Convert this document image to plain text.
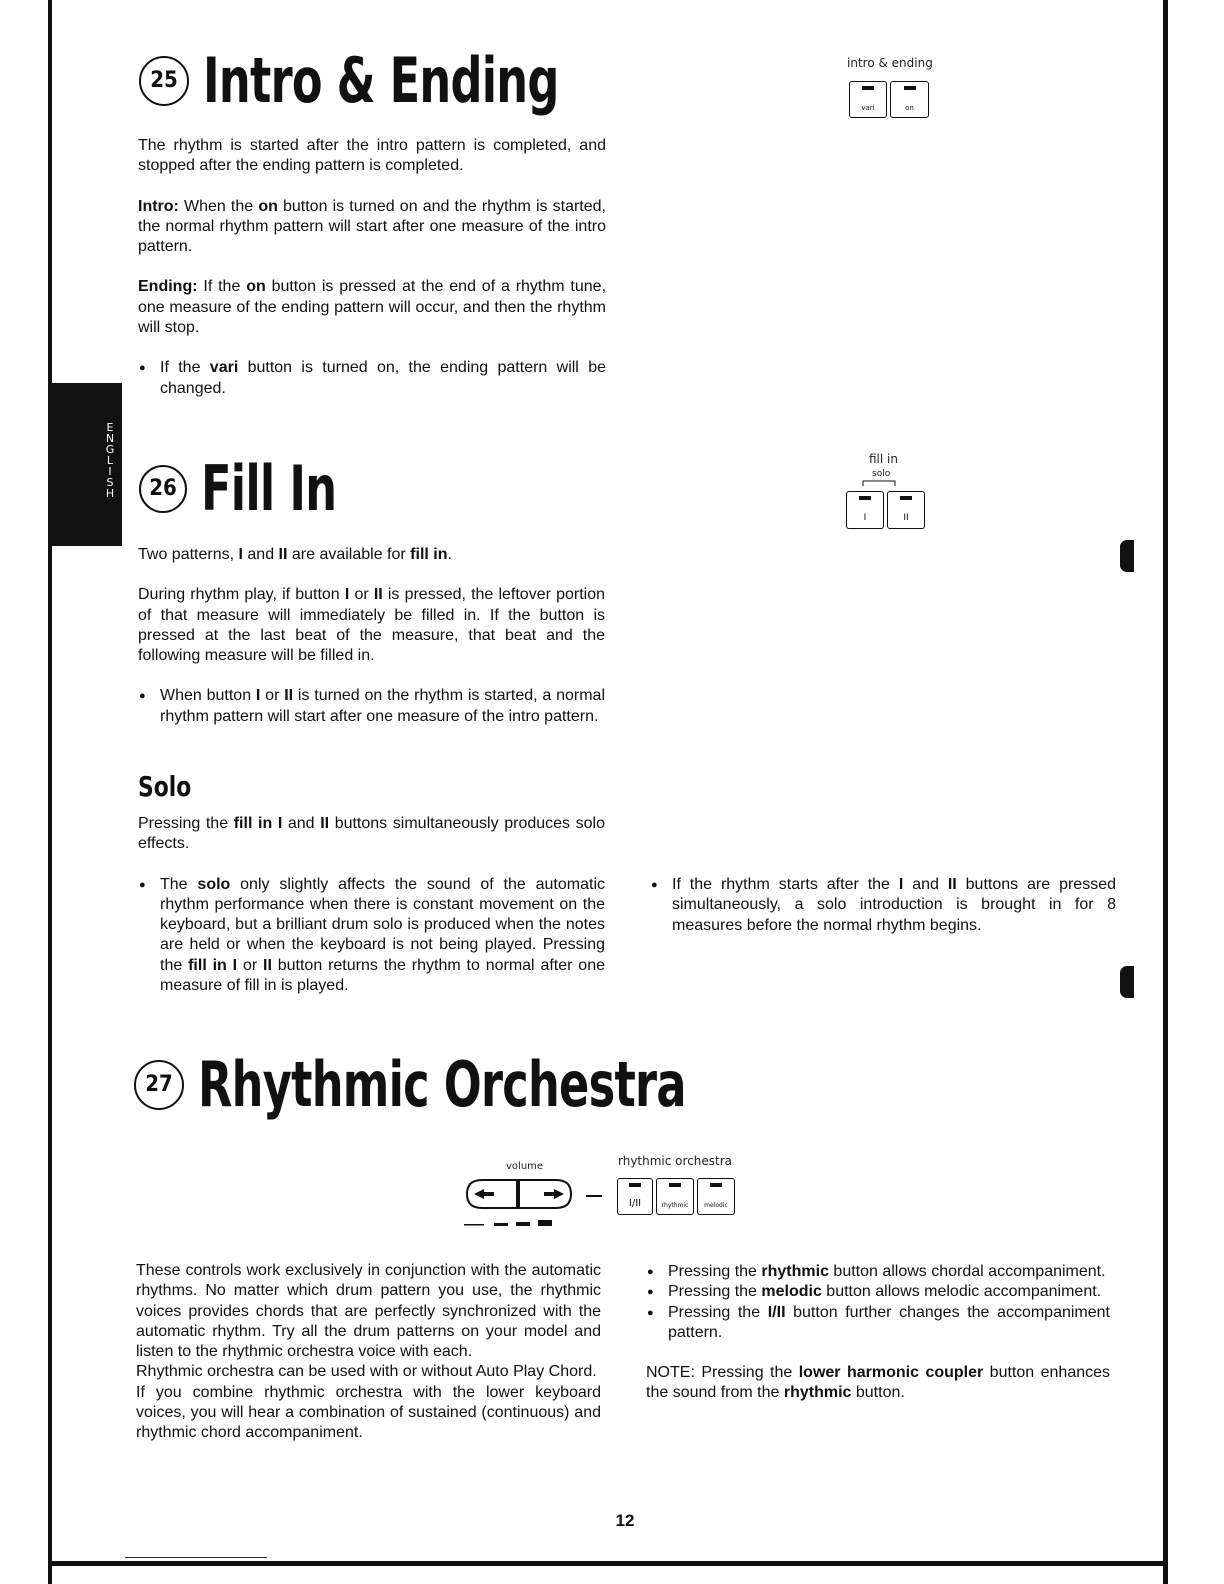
E
N
G
L
I
S
H
25 Intro & Ending	intro & ending
vari	on

The rhythm is started after the intro pattern is completed, and stopped after the ending pattern is completed.

Intro: When the on button is turned on and the rhythm is started, the normal rhythm pattern will start after one measure of the intro pattern.

Ending: If the on button is pressed at the end of a rhythm tune, one measure of the ending pattern will occur, and then the rhythm will stop.

● If the vari button is turned on, the ending pattern will be changed.

26 Fill In	fill in
solo
I	II

Two patterns, I and II are available for fill in.

During rhythm play, if button I or II is pressed, the leftover portion of that measure will immediately be filled in. If the button is pressed at the last beat of the measure, that beat and the following measure will be filled in.

● When button I or II is turned on the rhythm is started, a normal rhythm pattern will start after one measure of the intro pattern.

Solo

Pressing the fill in I and II buttons simultaneously produces solo effects.

● The solo only slightly affects the sound of the automatic rhythm performance when there is constant movement on the keyboard, but a brilliant drum solo is produced when the notes are held or when the keyboard is not being played. Pressing the fill in I or II button returns the rhythm to normal after one measure of fill in is played.

● If the rhythm starts after the I and II buttons are pressed simultaneously, a solo introduction is brought in for 8 measures before the normal rhythm begins.

27 Rhythmic Orchestra
volume	rhythmic orchestra
I/II	rhythmic	melodic
These controls work exclusively in conjunction with the automatic rhythms. No matter which drum pattern you use, the rhythmic voices provides chords that are perfectly synchronized with the automatic rhythm. Try all the drum patterns on your model and listen to the rhythmic orchestra voice with each.
Rhythmic orchestra can be used with or without Auto Play Chord.
If you combine rhythmic orchestra with the lower keyboard voices, you will hear a combination of sustained (continuous) and rhythmic chord accompaniment.
● Pressing the rhythmic button allows chordal accompaniment.
● Pressing the melodic button allows melodic accompaniment.
● Pressing the I/II button further changes the accompaniment pattern.
NOTE: Pressing the lower harmonic coupler button enhances the sound from the rhythmic button.
12
